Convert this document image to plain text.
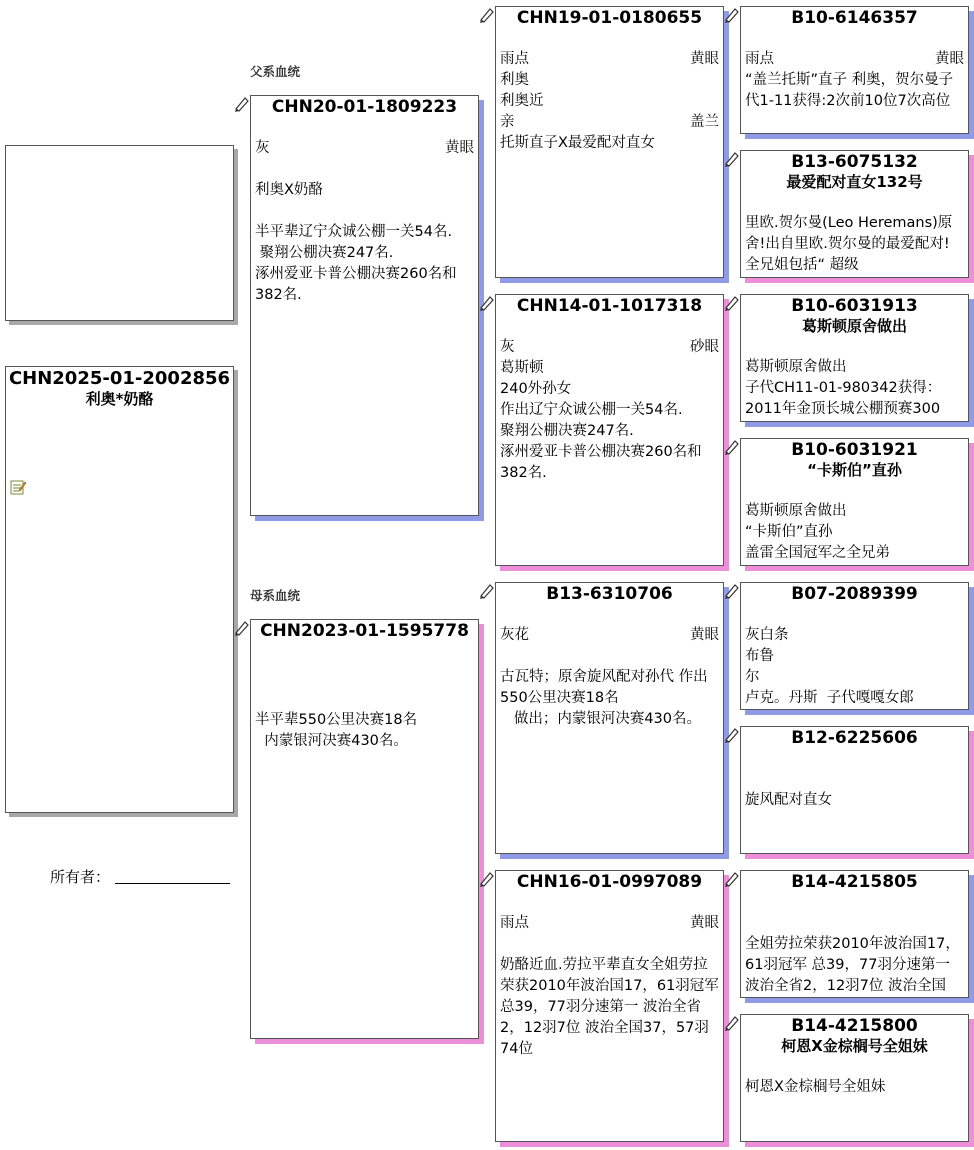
CHN2025-01-2002856
利奥*奶酪
所有者：
父系血统
母系血统
CHN20-01-1809223
灰	黄眼
利奥X奶酪

半平辈辽宁众诚公棚一关54名.
聚翔公棚决赛247名.
涿州爱亚卡普公棚决赛260名和382名.
CHN2023-01-1595778
半平辈550公里决赛18名
内蒙银河决赛430名。
CHN19-01-0180655
雨点	黄眼
利奥
利奥近
亲	盖兰
托斯直子X最爱配对直女
CHN14-01-1017318
灰	砂眼
葛斯顿
240外孙女
作出辽宁众诚公棚一关54名.
聚翔公棚决赛247名.
涿州爱亚卡普公棚决赛260名和382名.
B13-6310706
灰花	黄眼
古瓦特；原舍旋风配对孙代 作出550公里决赛18名
做出；内蒙银河决赛430名。
CHN16-01-0997089
雨点	黄眼
奶酪近血.劳拉平辈直女全姐劳拉荣获2010年波治国17，61羽冠军 总39，77羽分速第一 波治全省2，12羽7位 波治全国37，57羽74位
B10-6146357
雨点	黄眼
“盖兰托斯”直子 利奥，贺尔曼子代1-11获得:2次前10位7次高位
B13-6075132
最爱配对直女132号
里欧.贺尔曼(Leo Heremans)原舍!出自里欧.贺尔曼的最爱配对!全兄姐包括“ 超级
B10-6031913
葛斯顿原舍做出
葛斯顿原舍做出
子代CH11-01-980342获得：2011年金顶长城公棚预赛300
B10-6031921
“卡斯伯”直孙
葛斯顿原舍做出
“卡斯伯”直孙
盖雷全国冠军之全兄弟
B07-2089399
灰白条
布鲁
尔
卢克。丹斯  子代嘎嘎女郎
B12-6225606
旋风配对直女
B14-4215805
全姐劳拉荣获2010年波治国17，61羽冠军 总39，77羽分速第一 波治全省2，12羽7位 波治全国
B14-4215800
柯恩X金棕榈号全姐妹
柯恩X金棕榈号全姐妹
